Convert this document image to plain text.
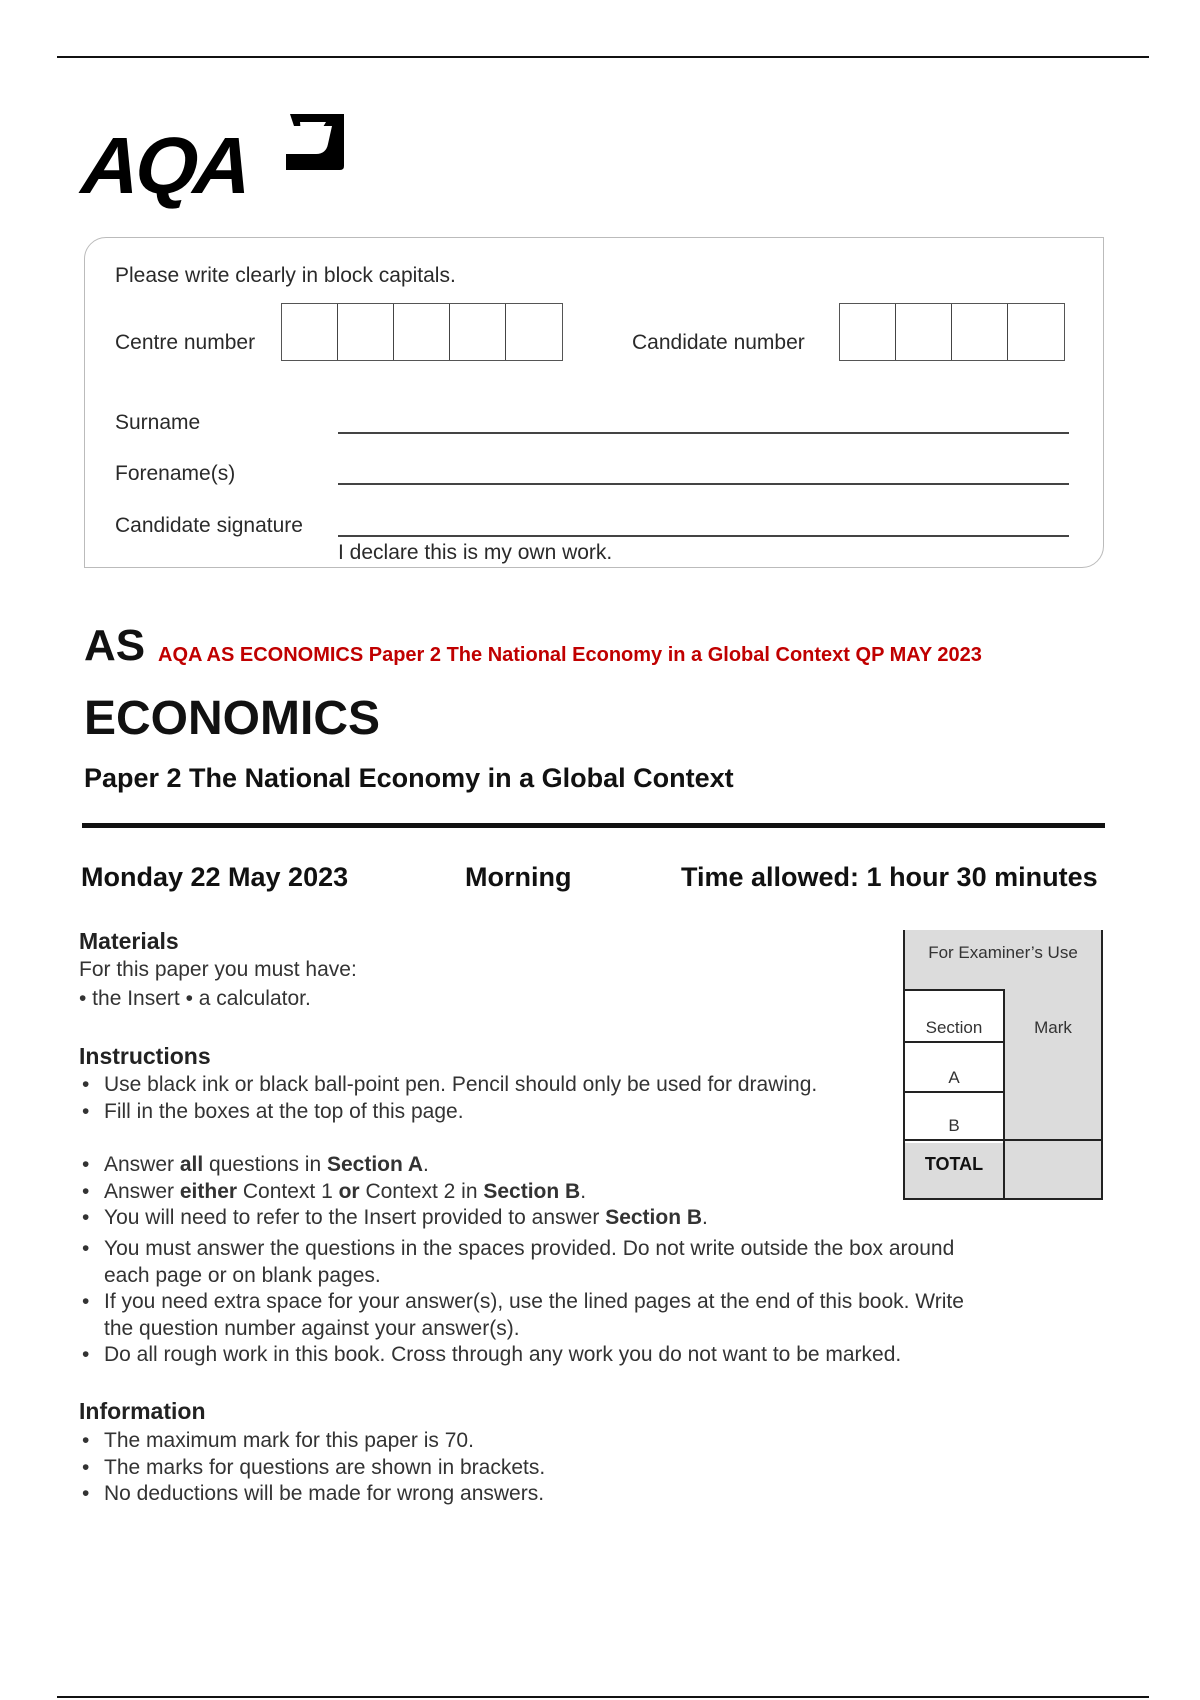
AQA
Please write clearly in block capitals.
Centre number	Candidate number
Surname
Forename(s)
Candidate signature
I declare this is my own work.
AS AQA AS ECONOMICS Paper 2 The National Economy in a Global Context QP MAY 2023
ECONOMICS
Paper 2 The National Economy in a Global Context
Monday 22 May 2023	Morning	Time allowed: 1 hour 30 minutes
Materials
For this paper you must have:
• the Insert • a calculator.
Instructions
• Use black ink or black ball-point pen. Pencil should only be used for drawing.
• Fill in the boxes at the top of this page.
• Answer all questions in Section A.
• Answer either Context 1 or Context 2 in Section B.
• You will need to refer to the Insert provided to answer Section B.
• You must answer the questions in the spaces provided. Do not write outside the box around
each page or on blank pages.
• If you need extra space for your answer(s), use the lined pages at the end of this book. Write
the question number against your answer(s).
• Do all rough work in this book. Cross through any work you do not want to be marked.
Information
• The maximum mark for this paper is 70.
• The marks for questions are shown in brackets.
• No deductions will be made for wrong answers.
For Examiner’s Use
Section	Mark
A
B
TOTAL
